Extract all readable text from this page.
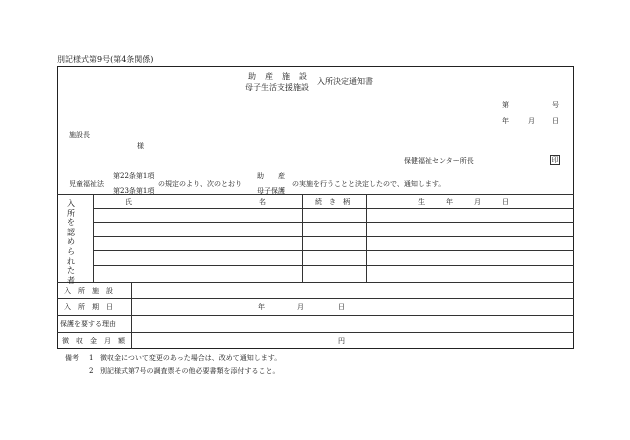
別記様式第9号(第4条関係)
助　産　施　設
母子生活支援施設
入所決定通知書
第	号
年	月 日
施設長
様
保健福祉センター所長	印
第22条第1項
児童福祉法
第23条第1項
の規定のより、次のとおり
助　　産
母子保護
の実施を行うことと決定したので、通知します。
入所を認められた者
氏	名	続　き　柄	生　　　年　　　月　　　日
入　所　施　設
入　所　期　日	年	月	日
保護を要する理由
徴　収　金　月　額	円
備考 1 徴収金について変更のあった場合は、改めて通知します。
2 別記様式第7号の調査票その他必要書類を添付すること。
